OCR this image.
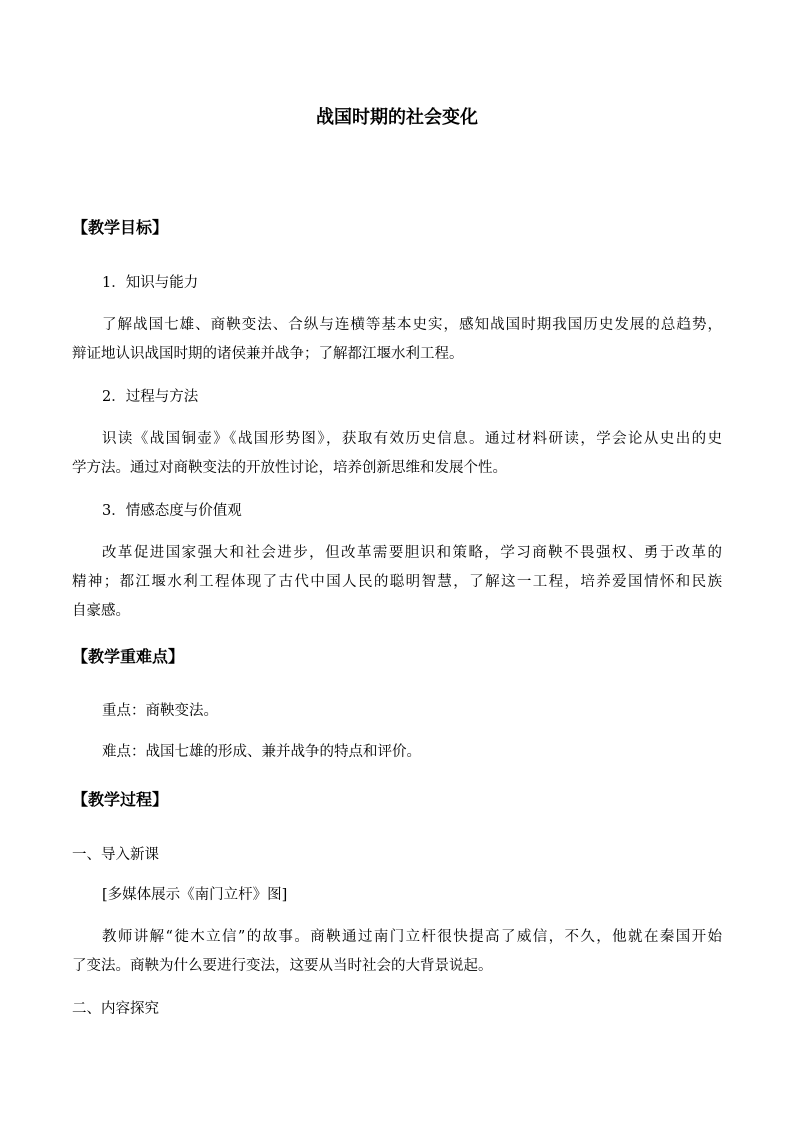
战国时期的社会变化
【教学目标】

1．知识与能力

了解战国七雄、商鞅变法、合纵与连横等基本史实，感知战国时期我国历史发展的总趋势，

辩证地认识战国时期的诸侯兼并战争；了解都江堰水利工程。

2．过程与方法

识读《战国铜壶》《战国形势图》，获取有效历史信息。通过材料研读，学会论从史出的史

学方法。通过对商鞅变法的开放性讨论，培养创新思维和发展个性。

3．情感态度与价值观

改革促进国家强大和社会进步，但改革需要胆识和策略，学习商鞅不畏强权、勇于改革的

精神；都江堰水利工程体现了古代中国人民的聪明智慧，了解这一工程，培养爱国情怀和民族

自豪感。

【教学重难点】

重点：商鞅变法。

难点：战国七雄的形成、兼并战争的特点和评价。

【教学过程】

一、导入新课

[多媒体展示《南门立杆》图]

教师讲解“徙木立信”的故事。商鞅通过南门立杆很快提高了威信，不久，他就在秦国开始

了变法。商鞅为什么要进行变法，这要从当时社会的大背景说起。

二、内容探究
